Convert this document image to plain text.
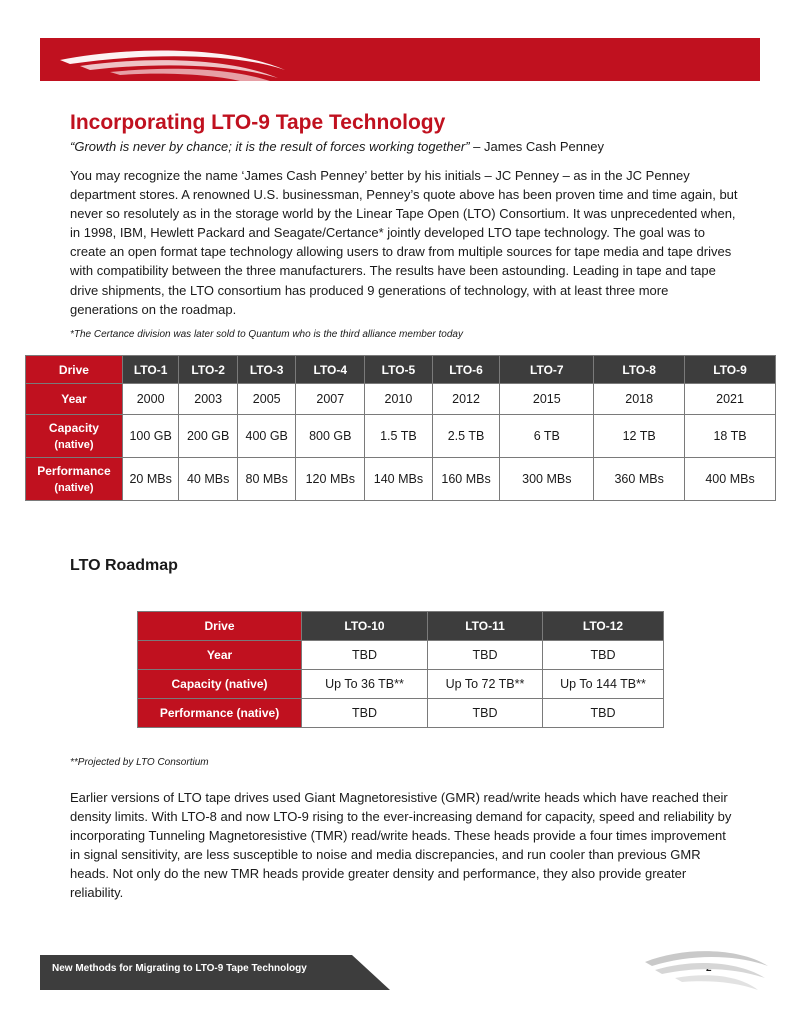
Incorporating LTO-9 Tape Technology
“Growth is never by chance; it is the result of forces working together” – James Cash Penney

You may recognize the name ‘James Cash Penney’ better by his initials – JC Penney – as in the JC Penney department stores. A renowned U.S. businessman, Penney’s quote above has been proven time and time again, but never so resolutely as in the storage world by the Linear Tape Open (LTO) Consortium. It was unprecedented when, in 1998, IBM, Hewlett Packard and Seagate/Certance* jointly developed LTO tape technology. The goal was to create an open format tape technology allowing users to draw from multiple sources for tape media and tape drives with compatibility between the three manufacturers. The results have been astounding. Leading in tape and tape drive shipments, the LTO consortium has produced 9 generations of technology, with at least three more generations on the roadmap.

*The Certance division was later sold to Quantum who is the third alliance member today
Drive	LTO-1	LTO-2	LTO-3	LTO-4	LTO-5	LTO-6	LTO-7	LTO-8	LTO-9
Year	2000	2003	2005	2007	2010	2012	2015	2018	2021
Capacity
(native)	100 GB	200 GB	400 GB	800 GB	1.5 TB	2.5 TB	6 TB	12 TB	18 TB
Performance
(native)	20 MBs	40 MBs	80 MBs	120 MBs	140 MBs	160 MBs	300 MBs	360 MBs	400 MBs
LTO Roadmap
Drive	LTO-10	LTO-11	LTO-12
Year	TBD	TBD	TBD
Capacity (native)	Up To 36 TB**	Up To 72 TB**	Up To 144 TB**
Performance (native)	TBD	TBD	TBD
**Projected by LTO Consortium

Earlier versions of LTO tape drives used Giant Magnetoresistive (GMR) read/write heads which have reached their density limits. With LTO-8 and now LTO-9 rising to the ever-increasing demand for capacity, speed and reliability by incorporating Tunneling Magnetoresistive (TMR) read/write heads. These heads provide a four times improvement in signal sensitivity, are less susceptible to noise and media discrepancies, and run cooler than previous GMR heads. Not only do the new TMR heads provide greater density and performance, they also provide greater reliability.

New Methods for Migrating to LTO-9 Tape Technology
